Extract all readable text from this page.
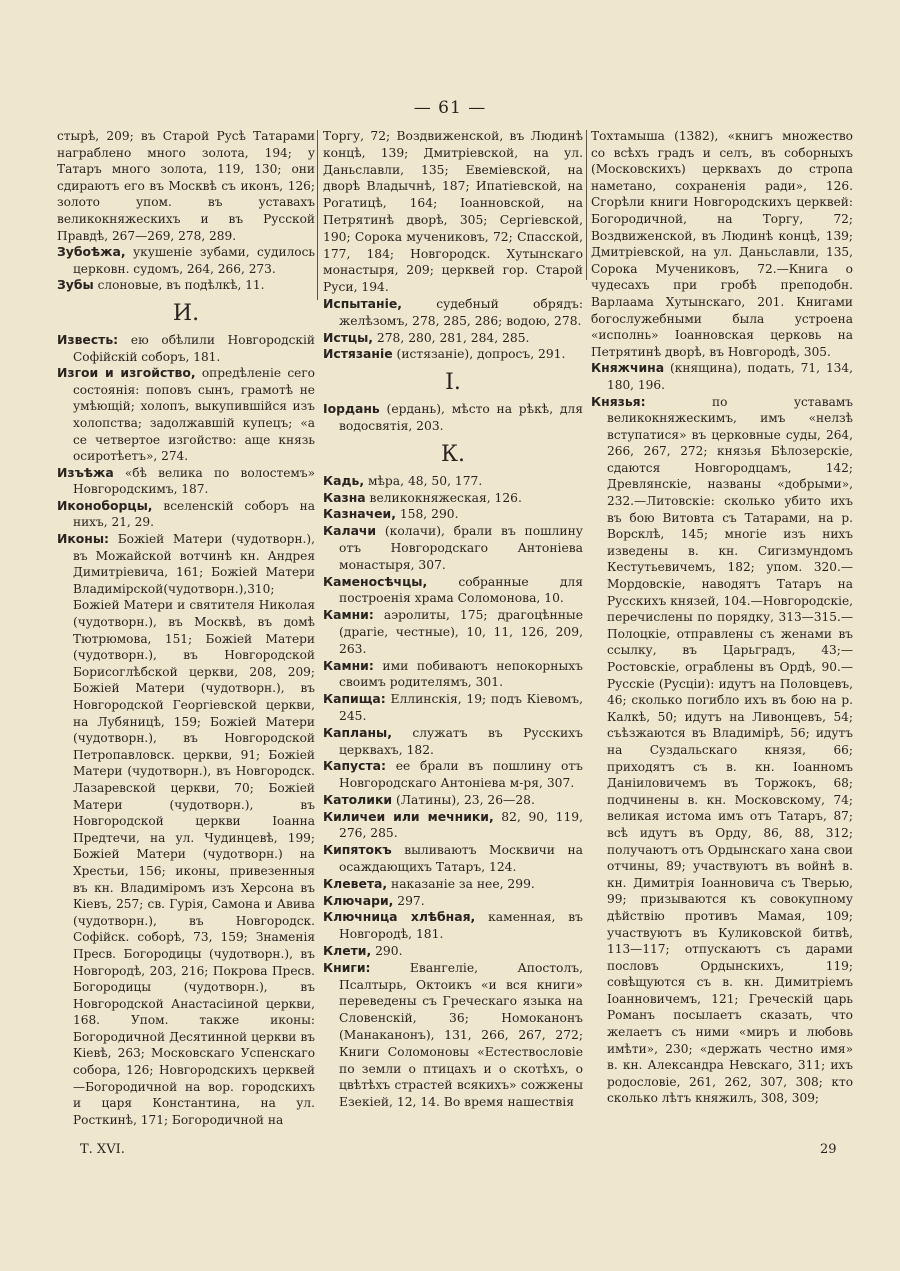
— 61 —

стырѣ, 209; въ Старой Русѣ Татарами награблено много золота, 194; у Татаръ много золота, 119, 130; они сдираютъ его въ Москвѣ съ иконъ, 126; золото упом. въ уставахъ великокняжескихъ и въ Русской Правдѣ, 267—269, 278, 289.

Зубоѣжа, укушеніе зубами, судилось церковн. судомъ, 264, 266, 273.

Зубы слоновые, въ подѣлкѣ, 11.

И.

Известь: ею обѣлили Новгородскій Софійскій соборъ, 181.

Изгои и изгойство, опредѣленіе сего состоянія: поповъ сынъ, грамотѣ не умѣющій; холопъ, выкупившійся изъ холопства; задолжавшій купецъ; «а се четвертое изгойство: аще князь осиротѣетъ», 274.

Изъѣжа «бѣ велика по волостемъ» Новгородскимъ, 187.

Иконоборцы, вселенскій соборъ на нихъ, 21, 29.

Иконы: Божіей Матери (чудотворн.), въ Можайской вотчинѣ кн. Андрея Димитріевича, 161; Божіей Матери Владимірской(чудотворн.),310; Божіей Матери и святителя Николая (чудотворн.), въ Москвѣ, въ домѣ Тютрюмова, 151; Божіей Матери (чудотворн.), въ Новгородской Борисоглѣбской церкви, 208, 209; Божіей Матери (чудотворн.), въ Новгородской Георгіевской церкви, на Лубяницѣ, 159; Божіей Матери (чудотворн.), въ Новгородской Петропавловск. церкви, 91; Божіей Матери (чудотворн.), въ Новгородск. Лазаревской церкви, 70; Божіей Матери (чудотворн.), въ Новгородской церкви Іоанна Предтечи, на ул. Чудинцевѣ, 199; Божіей Матери (чудотворн.) на Хрестьи, 156; иконы, привезенныя въ кн. Владиміромъ изъ Херсона въ Кіевъ, 257; св. Гурія, Самона и Авива (чудотворн.), въ Новгородск. Софійск. соборѣ, 73, 159; Знаменія Пресв. Богородицы (чудотворн.), въ Новгородѣ, 203, 216; Покрова Пресв. Богородицы (чудотворн.), въ Новгородской Анастасіиной церкви, 168. Упом. также иконы: Богородичной Десятинной церкви въ Кіевѣ, 263; Московскаго Успенскаго собора, 126; Новгородскихъ церквей—Богородичной на вор. городскихъ и царя Константина, на ул. Росткинѣ, 171; Богородичной на

Торгу, 72; Воздвиженской, въ Людинѣ концѣ, 139; Дмитріевской, на ул. Даньславли, 135; Евеміевской, на дворѣ Владычнѣ, 187; Ипатіевской, на Рогатицѣ, 164; Іоанновской, на Петрятинѣ дворѣ, 305; Сергіевской, 190; Сорока мучениковъ, 72; Спасской, 177, 184; Новгородск. Хутынскаго монастыря, 209; церквей гор. Старой Руси, 194.

Испытаніе, судебный обрядъ: желѣзомъ, 278, 285, 286; водою, 278.

Истцы, 278, 280, 281, 284, 285.

Истязаніе (истязаніе), допросъ, 291.

I.

Іордань (ердань), мѣсто на рѣкѣ, для водосвятія, 203.

К.

Кадь, мѣра, 48, 50, 177.

Казна великокняжеская, 126.

Казначеи, 158, 290.

Калачи (колачи), брали въ пошлину отъ Новгородскаго Антоніева монастыря, 307.

Каменосѣчцы, собранные для построенія храма Соломонова, 10.

Камни: аэролиты, 175; драгоцѣнные (драгіе, честные), 10, 11, 126, 209, 263.

Камни: ими побиваютъ непокорныхъ своимъ родителямъ, 301.

Капища: Еллинскія, 19; подъ Кіевомъ, 245.

Капланы, служатъ въ Русскихъ церквахъ, 182.

Капуста: ее брали въ пошлину отъ Новгородскаго Антоніева м-ря, 307.

Католики (Латины), 23, 26—28.

Киличеи или мечники, 82, 90, 119, 276, 285.

Кипятокъ выливаютъ Москвичи на осаждающихъ Татаръ, 124.

Клевета, наказаніе за нее, 299.

Ключари, 297.

Ключница хлѣбная, каменная, въ Новгородѣ, 181.

Клети, 290.

Книги: Евангеліе, Апостолъ, Псалтырь, Октоикъ «и вся книги» переведены съ Греческаго языка на Словенскій, 36; Номоканонъ (Манаканонъ), 131, 266, 267, 272; Книги Соломоновы «Естествословіе по земли о птицахъ и о скотѣхъ, о цвѣтѣхъ страстей всякихъ» сожжены Езекіей, 12, 14. Во время нашествія

Тохтамыша (1382), «книгъ множество со всѣхъ градъ и селъ, въ соборныхъ (Московскихъ) церквахъ до стропа наметано, сохраненія ради», 126. Сгорѣли книги Новгородскихъ церквей: Богородичной, на Торгу, 72; Воздвиженской, въ Людинѣ концѣ, 139; Дмитріевской, на ул. Даньславли, 135, Сорока Мучениковъ, 72.—Книга о чудесахъ при гробѣ преподобн. Варлаама Хутынскаго, 201. Книгами богослужебными была устроена «исполнь» Іоанновская церковь на Петрятинѣ дворѣ, въ Новгородѣ, 305.

Княжчина (княщина), подать, 71, 134, 180, 196.

Князья: по уставамъ великокняжескимъ, имъ «нелзѣ вступатися» въ церковные суды, 264, 266, 267, 272; князья Бѣлозерскіе, сдаются Новгородцамъ, 142; Древлянскіе, названы «добрыми», 232.—Литовскіе: сколько убито ихъ въ бою Витовта съ Татарами, на р. Ворсклѣ, 145; многіе изъ нихъ изведены в. кн. Сигизмундомъ Кестутьевичемъ, 182; упом. 320.—Мордовскіе, наводятъ Татаръ на Русскихъ князей, 104.—Новгородскіе, перечислены по порядку, 313—315.—Полоцкіе, отправлены съ женами въ ссылку, въ Царьградъ, 43;—Ростовскіе, ограблены въ Ордѣ, 90.—Русскіе (Русціи): идутъ на Половцевъ, 46; сколько погибло ихъ въ бою на р. Калкѣ, 50; идутъ на Ливонцевъ, 54; съѣзжаются въ Владимірѣ, 56; идутъ на Суздальскаго князя, 66; приходятъ съ в. кн. Іоанномъ Даніиловичемъ въ Торжокъ, 68; подчинены в. кн. Московскому, 74; великая истома имъ отъ Татаръ, 87; всѣ идутъ въ Орду, 86, 88, 312; получаютъ отъ Ордынскаго хана свои отчины, 89; участвуютъ въ войнѣ в. кн. Димитрія Іоанновича съ Тверью, 99; призываются къ совокупному дѣйствію противъ Мамая, 109; участвуютъ въ Куликовской битвѣ, 113—117; отпускаютъ съ дарами пословъ Ордынскихъ, 119; совѣщуются съ в. кн. Димитріемъ Іоанновичемъ, 121; Греческій царь Романъ посылаетъ сказать, что желаетъ съ ними «миръ и любовь имѣти», 230; «держать честно имя» в. кн. Александра Невскаго, 311; ихъ родословіе, 261, 262, 307, 308; кто сколько лѣтъ княжилъ, 308, 309;

Т. XVI.	29
